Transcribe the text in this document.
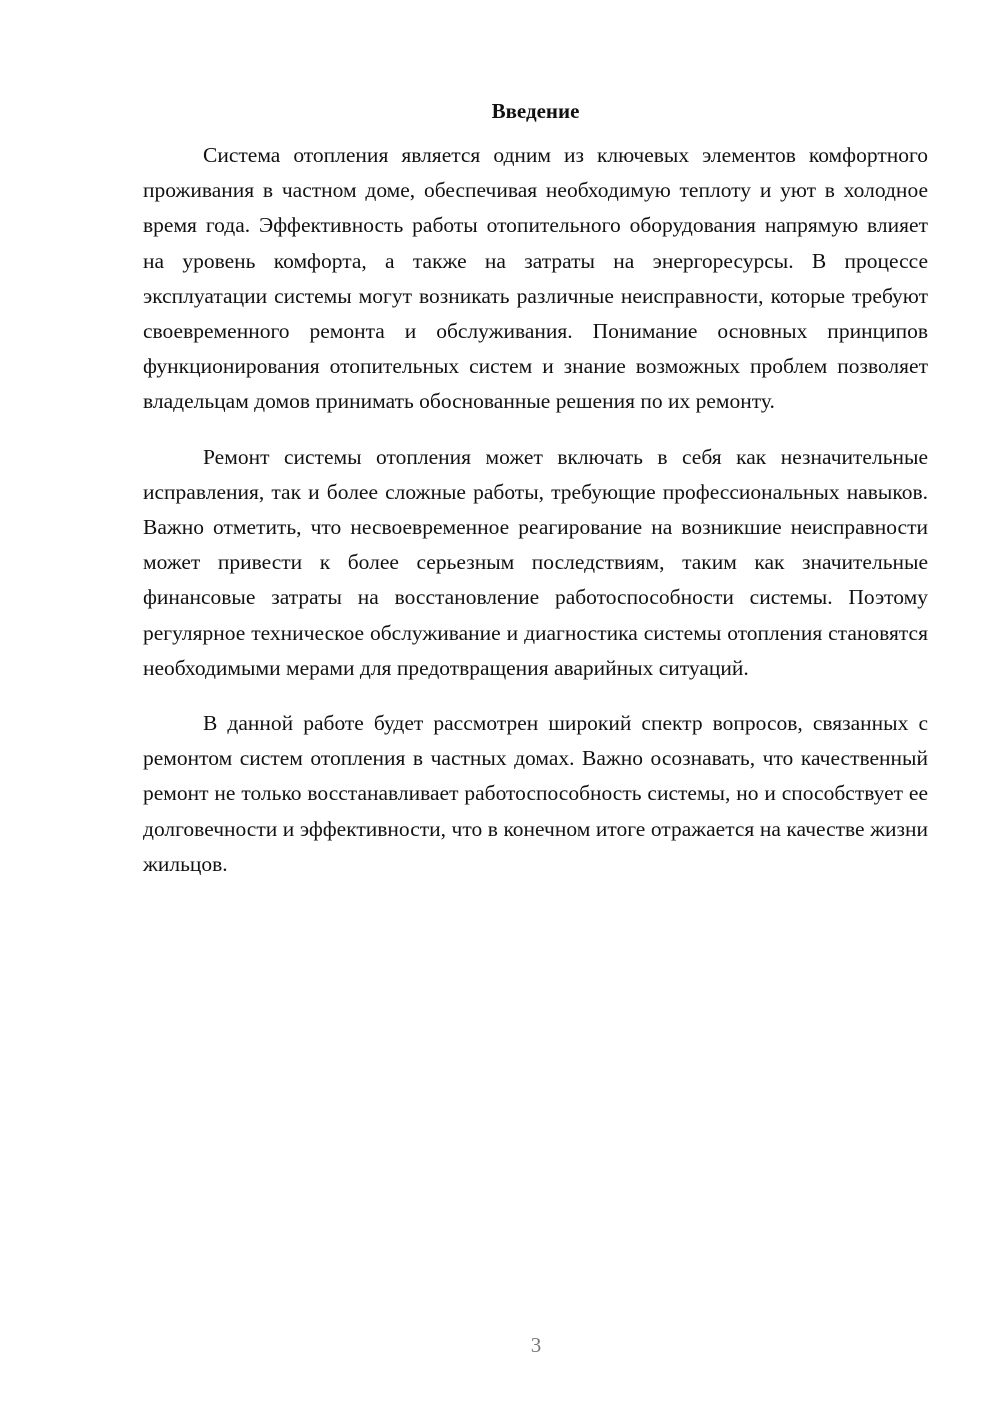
Введение

Система отопления является одним из ключевых элементов комфортного проживания в частном доме, обеспечивая необходимую теплоту и уют в холодное время года. Эффективность работы отопительного оборудования напрямую влияет на уровень комфорта, а также на затраты на энергоресурсы. В процессе эксплуатации системы могут возникать различные неисправности, которые требуют своевременного ремонта и обслуживания. Понимание основных принципов функционирования отопительных систем и знание возможных проблем позволяет владельцам домов принимать обоснованные решения по их ремонту.

Ремонт системы отопления может включать в себя как незначительные исправления, так и более сложные работы, требующие профессиональных навыков. Важно отметить, что несвоевременное реагирование на возникшие неисправности может привести к более серьезным последствиям, таким как значительные финансовые затраты на восстановление работоспособности системы. Поэтому регулярное техническое обслуживание и диагностика системы отопления становятся необходимыми мерами для предотвращения аварийных ситуаций.

В данной работе будет рассмотрен широкий спектр вопросов, связанных с ремонтом систем отопления в частных домах. Важно осознавать, что качественный ремонт не только восстанавливает работоспособность системы, но и способствует ее долговечности и эффективности, что в конечном итоге отражается на качестве жизни жильцов.

3
